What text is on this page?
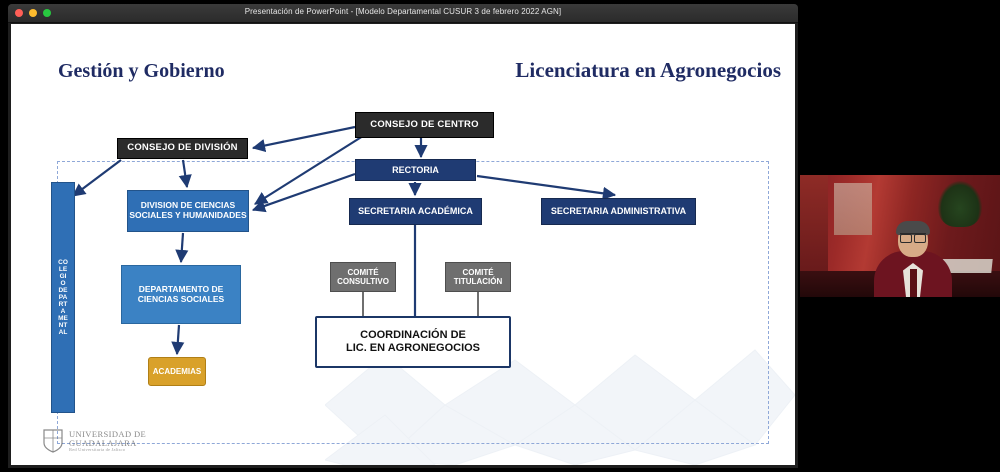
Presentación de PowerPoint - [Modelo Departamental CUSUR 3 de febrero 2022 AGN]
Gestión y Gobierno	Licenciatura en Agronegocios
CONSEJO DE CENTRO
CONSEJO DE DIVISIÓN
RECTORIA
DIVISION DE CIENCIAS SOCIALES Y HUMANIDADES	SECRETARIA ACADÉMICA	SECRETARIA ADMINISTRATIVA
DEPARTAMENTO DE CIENCIAS SOCIALES
COMITÉ CONSULTIVO
COMITÉ TITULACIÓN
ACADEMIAS
COORDINACIÓN DE
LIC. EN AGRONEGOCIOS
COLEGIO DEPARTAMENTAL
UNIVERSIDAD DE
GUADALAJARA
Red Universitaria de Jalisco
